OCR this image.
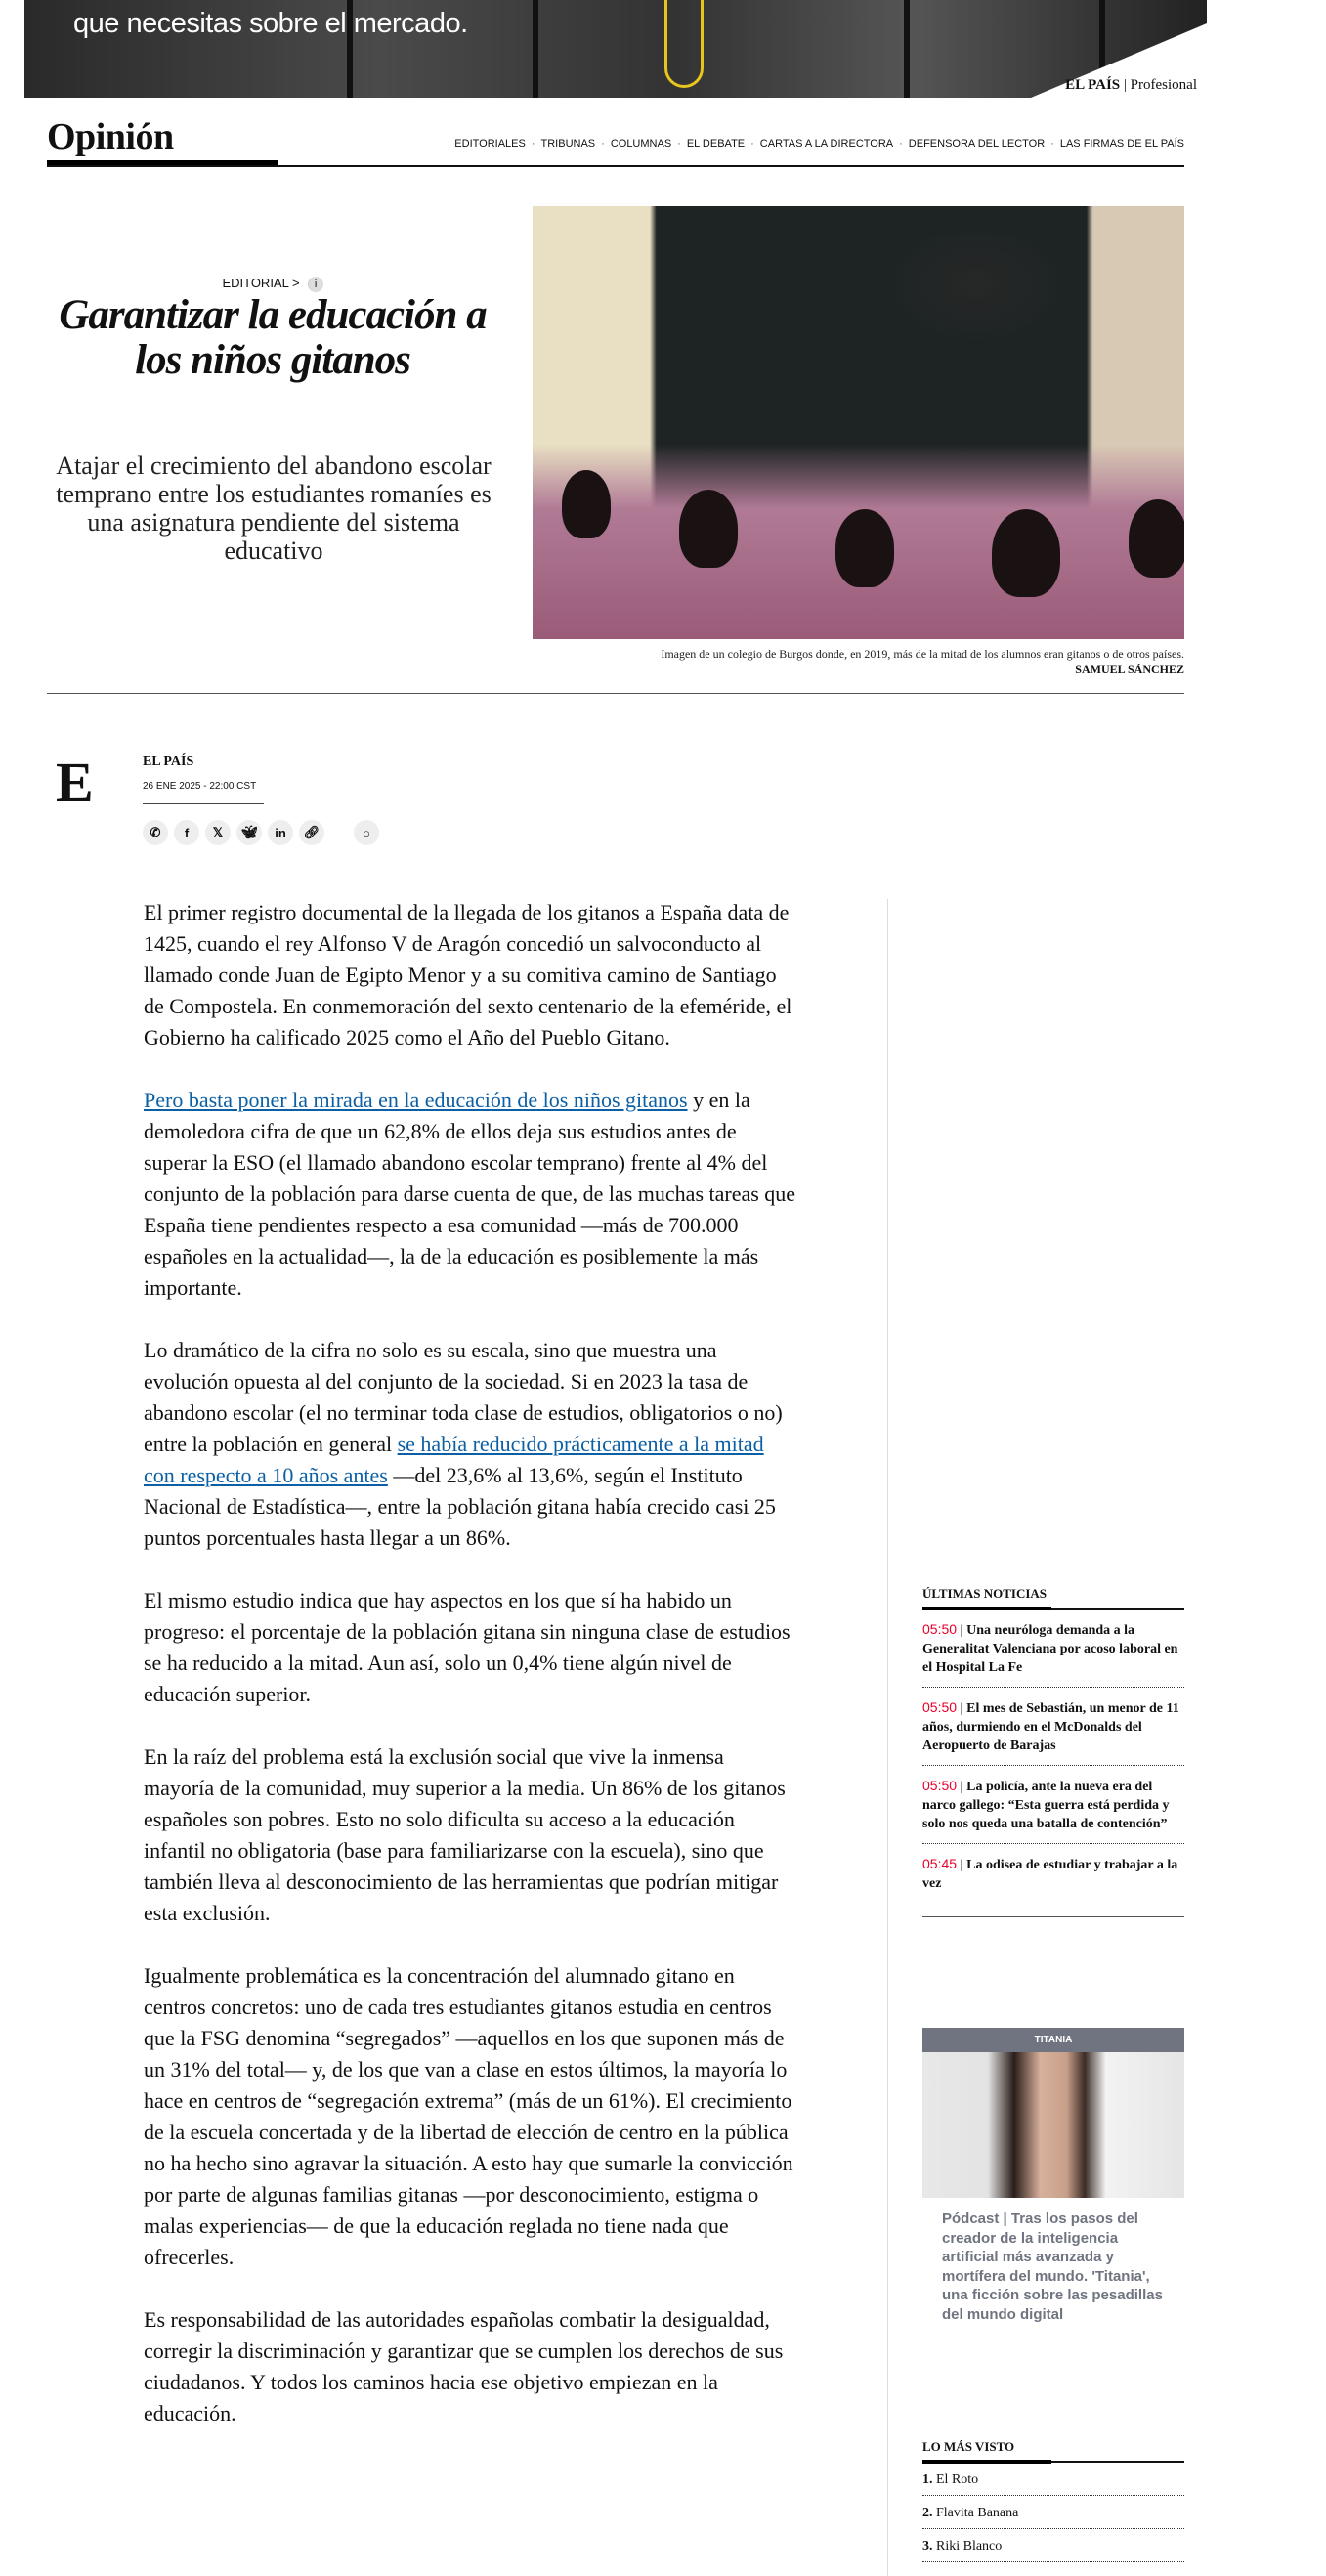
que necesitas sobre el mercado.
EL PAÍS | Profesional
Opinión	EDITORIALES · TRIBUNAS · COLUMNAS · EL DEBATE · CARTAS A LA DIRECTORA · DEFENSORA DEL LECTOR · LAS FIRMAS DE EL PAÍS
EDITORIAL > i
Garantizar la educación a los niños gitanos
Atajar el crecimiento del abandono escolar temprano entre los estudiantes romaníes es una asignatura pendiente del sistema educativo
Imagen de un colegio de Burgos donde, en 2019, más de la mitad de los alumnos eran gitanos o de otros países.
SAMUEL SÁNCHEZ
E	EL PAÍS
26 ENE 2025 - 22:00 CST
✆	f	𝕏	🦋︎	in	🔗︎	○

El primer registro documental de la llegada de los gitanos a España data de 1425, cuando el rey Alfonso V de Aragón concedió un salvoconducto al llamado conde Juan de Egipto Menor y a su comitiva camino de Santiago de Compostela. En conmemoración del sexto centenario de la efeméride, el Gobierno ha calificado 2025 como el Año del Pueblo Gitano.

Pero basta poner la mirada en la educación de los niños gitanos y en la demoledora cifra de que un 62,8% de ellos deja sus estudios antes de superar la ESO (el llamado abandono escolar temprano) frente al 4% del conjunto de la población para darse cuenta de que, de las muchas tareas que España tiene pendientes respecto a esa comunidad —más de 700.000 españoles en la actualidad—, la de la educación es posiblemente la más importante.

Lo dramático de la cifra no solo es su escala, sino que muestra una evolución opuesta al del conjunto de la sociedad. Si en 2023 la tasa de abandono escolar (el no terminar toda clase de estudios, obligatorios o no) entre la población en general se había reducido prácticamente a la mitad con respecto a 10 años antes —del 23,6% al 13,6%, según el Instituto Nacional de Estadística—, entre la población gitana había crecido casi 25 puntos porcentuales hasta llegar a un 86%.

El mismo estudio indica que hay aspectos en los que sí ha habido un progreso: el porcentaje de la población gitana sin ninguna clase de estudios se ha reducido a la mitad. Aun así, solo un 0,4% tiene algún nivel de educación superior.

En la raíz del problema está la exclusión social que vive la inmensa mayoría de la comunidad, muy superior a la media. Un 86% de los gitanos españoles son pobres. Esto no solo dificulta su acceso a la educación infantil no obligatoria (base para familiarizarse con la escuela), sino que también lleva al desconocimiento de las herramientas que podrían mitigar esta exclusión.

Igualmente problemática es la concentración del alumnado gitano en centros concretos: uno de cada tres estudiantes gitanos estudia en centros que la FSG denomina “segregados” —aquellos en los que suponen más de un 31% del total— y, de los que van a clase en estos últimos, la mayoría lo hace en centros de “segregación extrema” (más de un 61%). El crecimiento de la escuela concertada y de la libertad de elección de centro en la pública no ha hecho sino agravar la situación. A esto hay que sumarle la convicción por parte de algunas familias gitanas —por desconocimiento, estigma o malas experiencias— de que la educación reglada no tiene nada que ofrecerles.

Es responsabilidad de las autoridades españolas combatir la desigualdad, corregir la discriminación y garantizar que se cumplen los derechos de sus ciudadanos. Y todos los caminos hacia ese objetivo empiezan en la educación.

ÚLTIMAS NOTICIAS
05:50 | Una neuróloga demanda a la Generalitat Valenciana por acoso laboral en el Hospital La Fe
05:50 | El mes de Sebastián, un menor de 11 años, durmiendo en el McDonalds del Aeropuerto de Barajas
05:50 | La policía, ante la nueva era del narco gallego: “Esta guerra está perdida y solo nos queda una batalla de contención”
05:45 | La odisea de estudiar y trabajar a la vez
TITANIA
Pódcast | Tras los pasos del creador de la inteligencia artificial más avanzada y mortífera del mundo. 'Titania', una ficción sobre las pesadillas del mundo digital
LO MÁS VISTO
1. El Roto
2. Flavita Banana
3. Riki Blanco
